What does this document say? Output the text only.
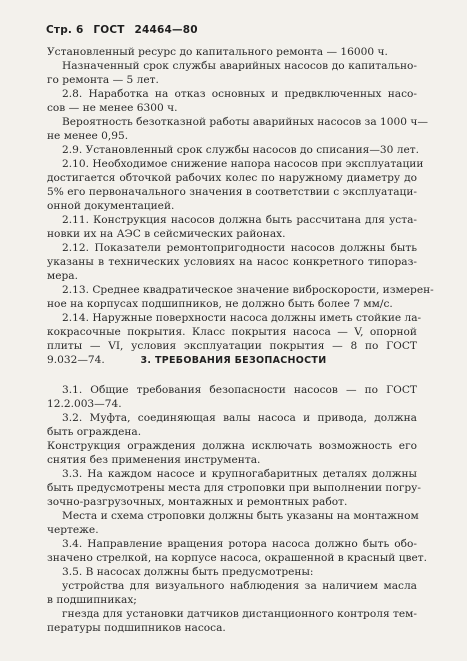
Стр. 6 ГОСТ 24464—80
Установленный ресурс до капитального ремонта — 16000 ч.
Назначенный срок службы аварийных насосов до капитально-
го ремонта — 5 лет.
2.8. Наработка на отказ основных и предвключенных насо-
сов — не менее 6300 ч.
Вероятность безотказной работы аварийных насосов за 1000 ч—
не менее 0,95.
2.9. Установленный срок службы насосов до списания—30 лет.
2.10. Необходимое снижение напора насосов при эксплуатации
достигается обточкой рабочих колес по наружному диаметру до
5% его первоначального значения в соответствии с эксплуатаци-
онной документацией.
2.11. Конструкция насосов должна быть рассчитана для уста-
новки их на АЭС в сейсмических районах.
2.12. Показатели ремонтопригодности насосов должны быть
указаны в технических условиях на насос конкретного типораз-
мера.
2.13. Среднее квадратическое значение виброскорости, измерен-
ное на корпусах подшипников, не должно быть более 7 мм/с.
2.14. Наружные поверхности насоса должны иметь стойкие ла-
кокрасочные покрытия. Класс покрытия насоса — V, опорной
плиты — VI, условия эксплуатации покрытия — 8 по ГОСТ
9.032—74.
3.1. Общие требования безопасности насосов — по ГОСТ
12.2.003—74.
3.2. Муфта, соединяющая валы насоса и привода, должна
быть ограждена.
Конструкция ограждения должна исключать возможность его
снятия без применения инструмента.
3.3. На каждом насосе и крупногабаритных деталях должны
быть предусмотрены места для строповки при выполнении погру-
зочно-разгрузочных, монтажных и ремонтных работ.
Места и схема строповки должны быть указаны на монтажном
чертеже.
3.4. Направление вращения ротора насоса должно быть обо-
значено стрелкой, на корпусе насоса, окрашенной в красный цвет.
3.5. В насосах должны быть предусмотрены:
устройства для визуального наблюдения за наличием масла
в подшипниках;
гнезда для установки датчиков дистанционного контроля тем-
пературы подшипников насоса.
3. ТРЕБОВАНИЯ БЕЗОПАСНОСТИ
